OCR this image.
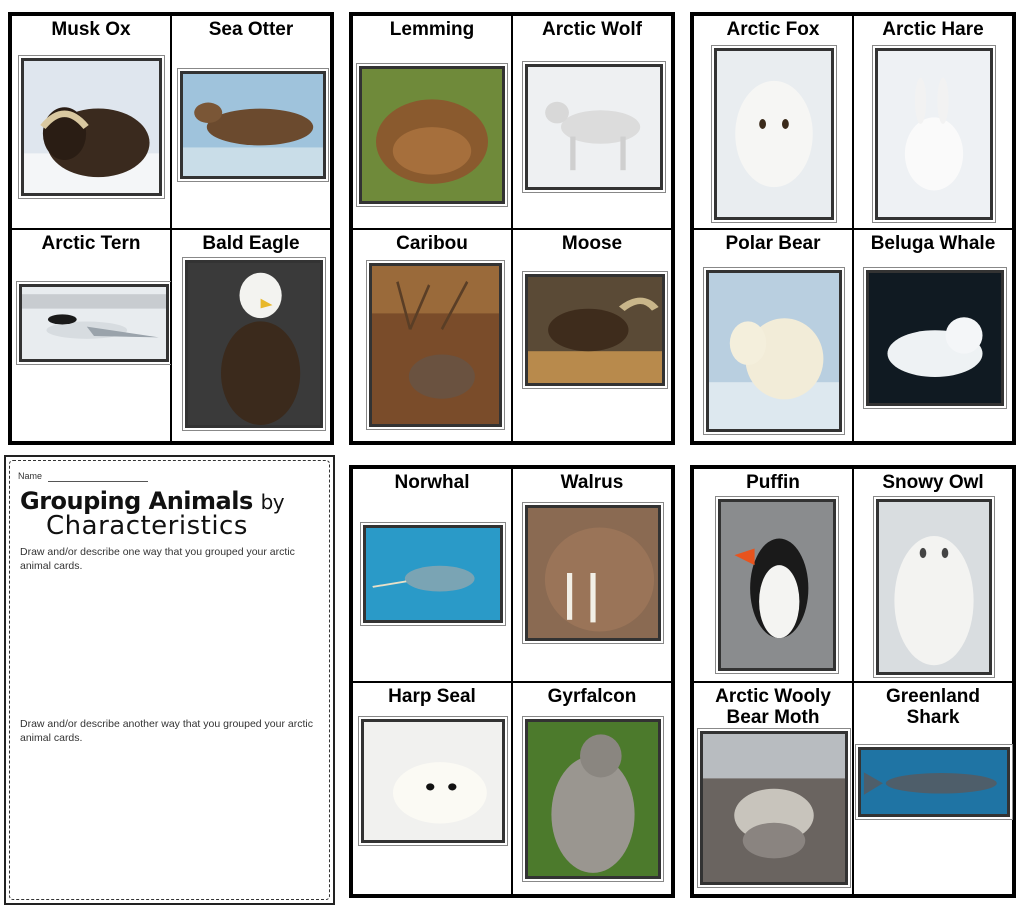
Musk Ox	Sea Otter
Arctic Tern	Bald Eagle
Lemming	Arctic Wolf
Caribou	Moose
Arctic Fox	Arctic Hare
Polar Bear	Beluga Whale
Name
Grouping Animals by
Characteristics
Draw and/or describe one way that you grouped your arctic animal cards.
Draw and/or describe another way that you grouped your arctic animal cards.
Norwhal	Walrus
Harp Seal	Gyrfalcon
Puffin	Snowy Owl
Arctic Wooly
Bear Moth
Greenland
Shark
